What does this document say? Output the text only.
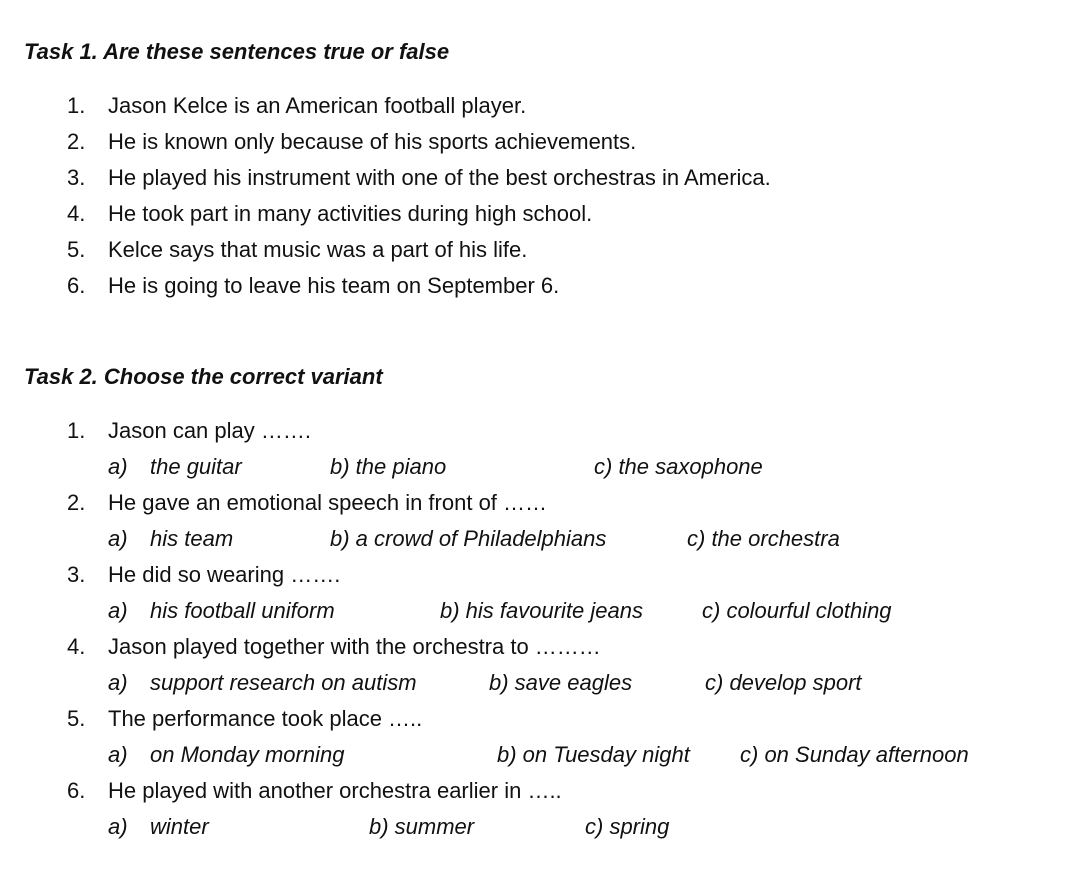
Task 1. Are these sentences true or false
1. Jason Kelce is an American football player.
2. He is known only because of his sports achievements.
3. He played his instrument with one of the best orchestras in America.
4. He took part in many activities during high school.
5. Kelce says that music was a part of his life.
6. He is going to leave his team on September 6.
Task 2. Choose the correct variant
1. Jason can play …….
a) the guitar	b) the piano	c) the saxophone
2. He gave an emotional speech in front of ……
a) his team	b) a crowd of Philadelphians	c) the orchestra
3. He did so wearing …….
a) his football uniform	b) his favourite jeans	c) colourful clothing
4. Jason played together with the orchestra to ………
a) support research on autism	b) save eagles	c) develop sport
5. The performance took place …..
a) on Monday morning	b) on Tuesday night c) on Sunday afternoon
6. He played with another orchestra earlier in …..
a) winter	b) summer	c) spring
